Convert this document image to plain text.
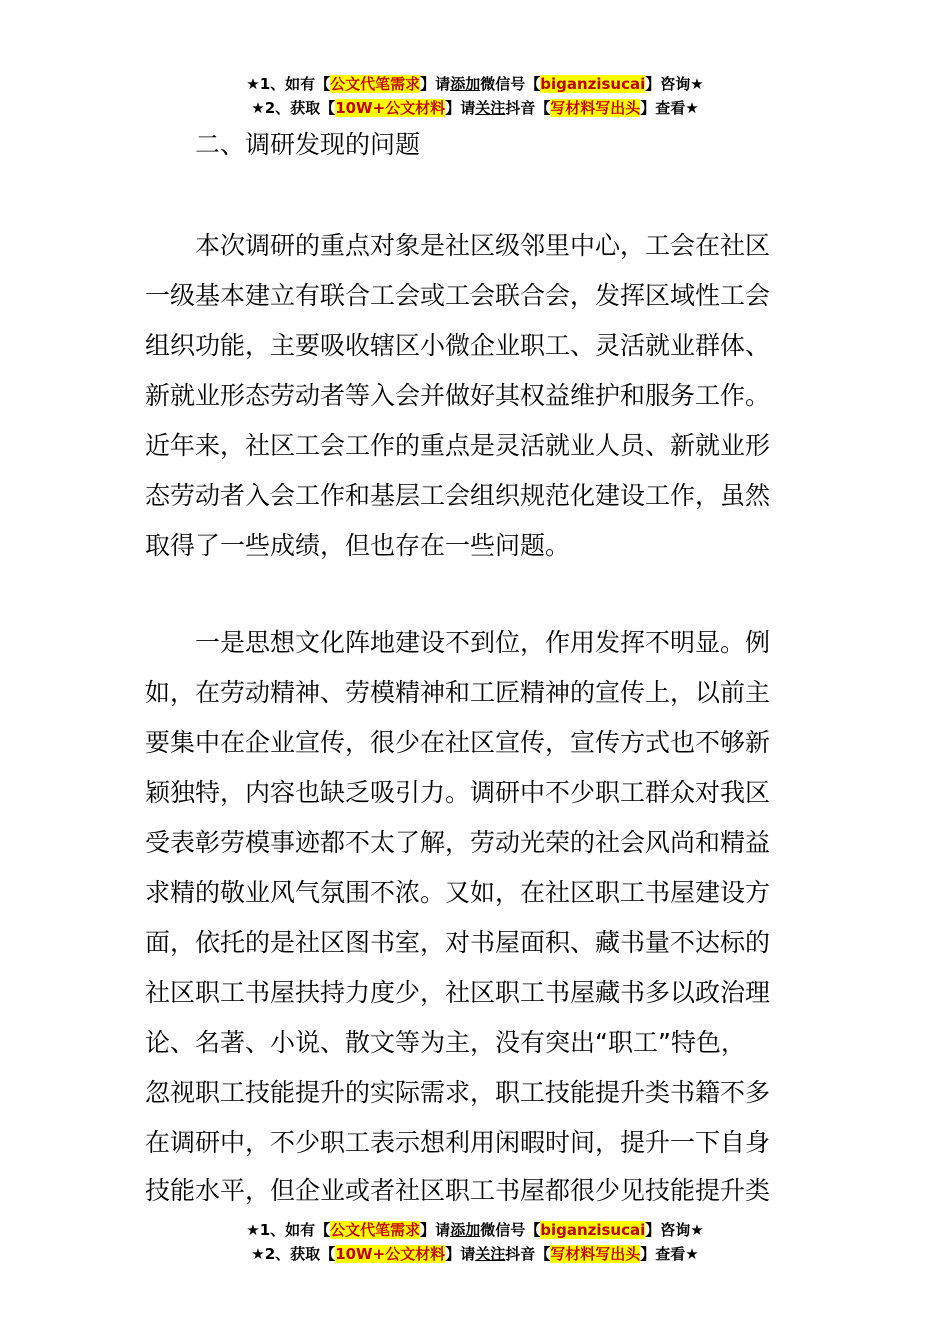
★1、如有【公文代笔需求】请添加微信号【biganzisucai】咨询★
★2、获取【10W+公文材料】请关注抖音【写材料写出头】查看★
二、调研发现的问题
本次调研的重点对象是社区级邻里中心，工会在社区
一级基本建立有联合工会或工会联合会，发挥区域性工会
组织功能，主要吸收辖区小微企业职工、灵活就业群体、
新就业形态劳动者等入会并做好其权益维护和服务工作。
近年来，社区工会工作的重点是灵活就业人员、新就业形
态劳动者入会工作和基层工会组织规范化建设工作，虽然
取得了一些成绩，但也存在一些问题。
一是思想文化阵地建设不到位，作用发挥不明显。例
如，在劳动精神、劳模精神和工匠精神的宣传上，以前主
要集中在企业宣传，很少在社区宣传，宣传方式也不够新
颖独特，内容也缺乏吸引力。调研中不少职工群众对我区
受表彰劳模事迹都不太了解，劳动光荣的社会风尚和精益
求精的敬业风气氛围不浓。又如，在社区职工书屋建设方
面，依托的是社区图书室，对书屋面积、藏书量不达标的
社区职工书屋扶持力度少，社区职工书屋藏书多以政治理
论、名著、小说、散文等为主，没有突出“职工”特色，
忽视职工技能提升的实际需求，职工技能提升类书籍不多
在调研中，不少职工表示想利用闲暇时间，提升一下自身
技能水平，但企业或者社区职工书屋都很少见技能提升类
★1、如有【公文代笔需求】请添加微信号【biganzisucai】咨询★
★2、获取【10W+公文材料】请关注抖音【写材料写出头】查看★
